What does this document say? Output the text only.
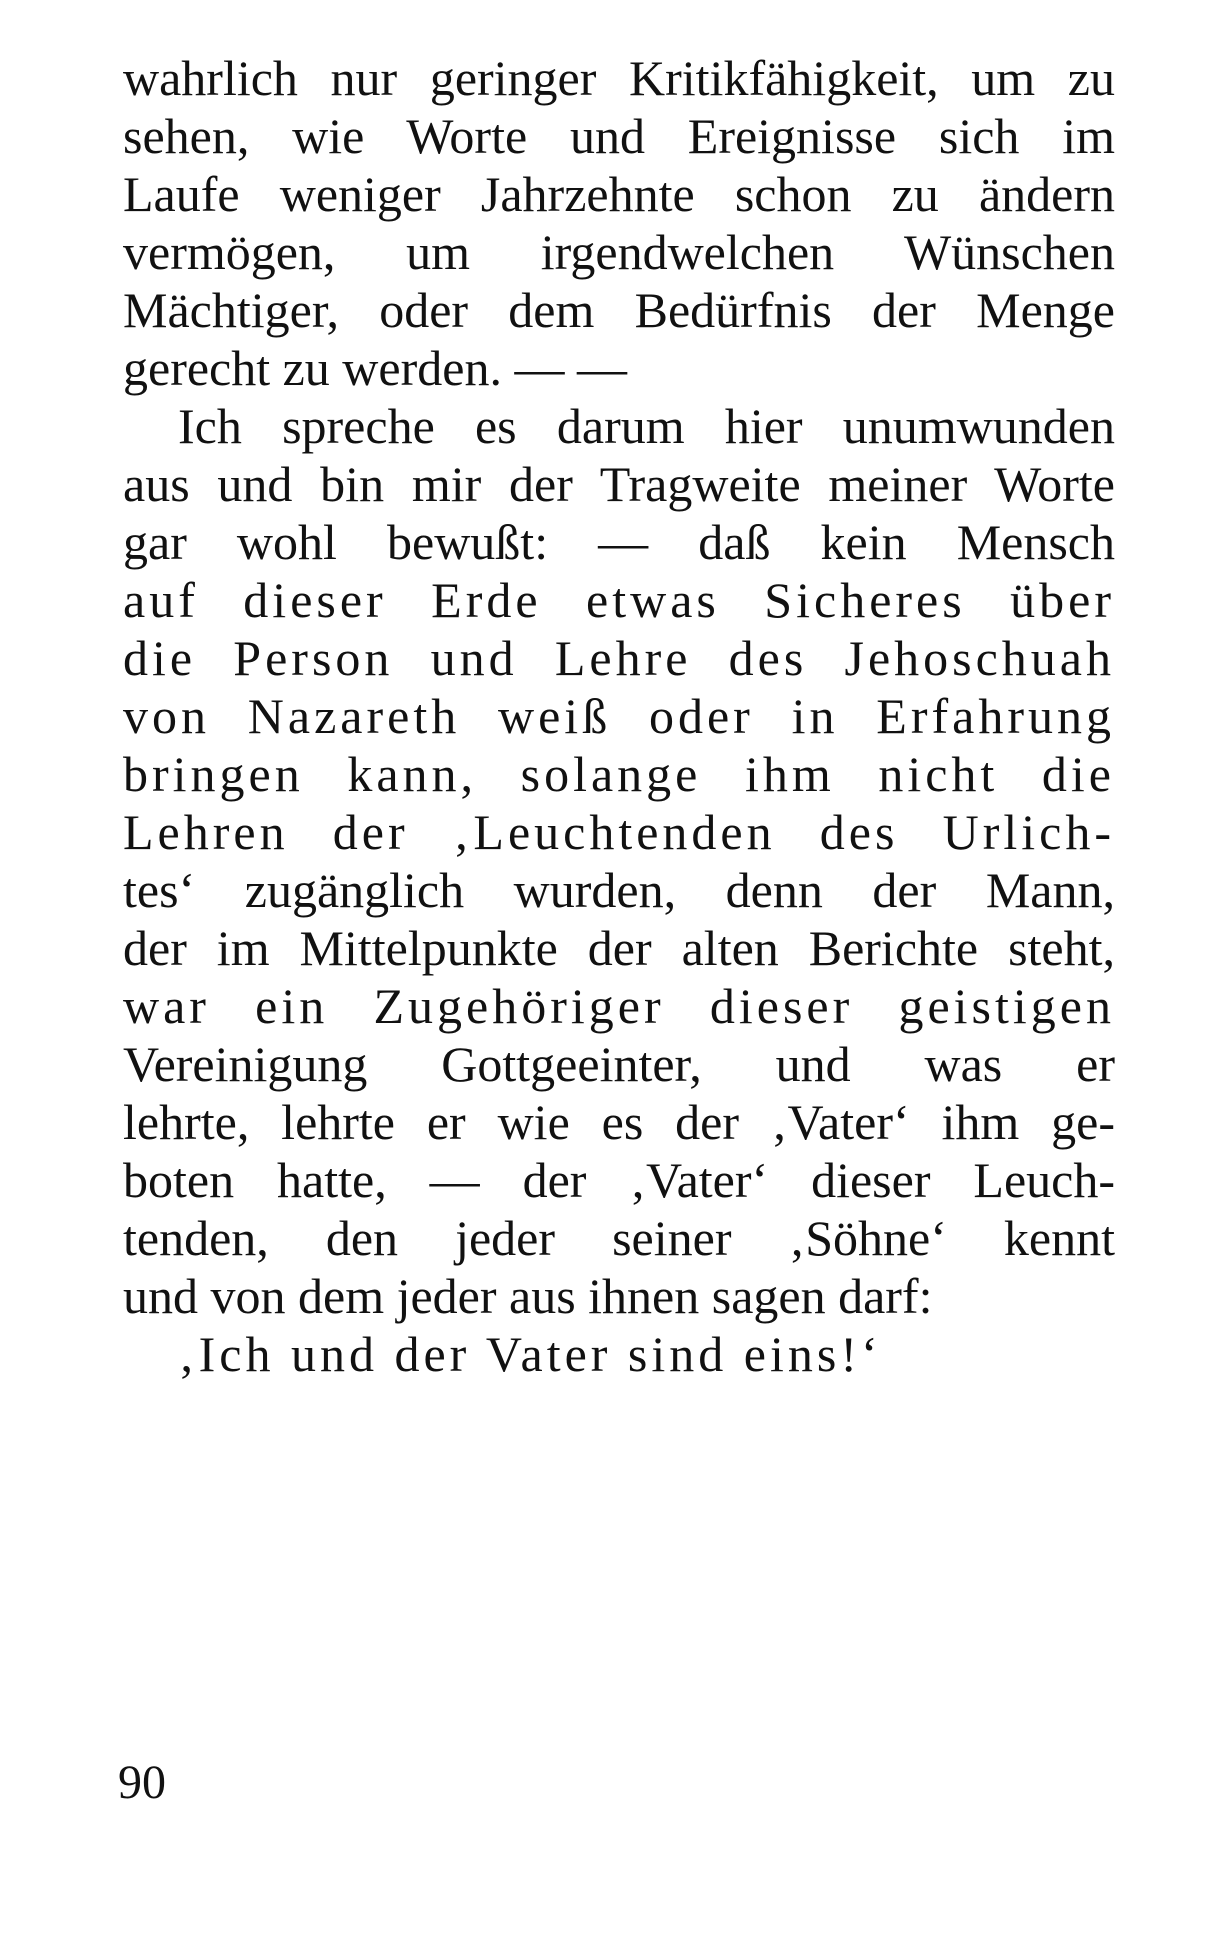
wahrlich nur geringer Kritikfähigkeit, um zu
sehen, wie Worte und Ereignisse sich im
Laufe weniger Jahrzehnte schon zu ändern
vermögen, um irgendwelchen Wünschen
Mächtiger, oder dem Bedürfnis der Menge
gerecht zu werden. — —
Ich spreche es darum hier unumwunden
aus und bin mir der Tragweite meiner Worte
gar wohl bewußt: — daß kein Mensch
auf dieser Erde etwas Sicheres über
die Person und Lehre des Jehoschuah
von Nazareth weiß oder in Erfahrung
bringen kann, solange ihm nicht die
Lehren der ‚Leuchtenden des Urlich-
tes‘ zugänglich wurden, denn der Mann,
der im Mittelpunkte der alten Berichte steht,
war ein Zugehöriger dieser geistigen
Vereinigung Gottgeeinter, und was er
lehrte, lehrte er wie es der ‚Vater‘ ihm ge-
boten hatte, — der ‚Vater‘ dieser Leuch-
tenden, den jeder seiner ‚Söhne‘ kennt
und von dem jeder aus ihnen sagen darf:
‚Ich und der Vater sind eins!‘
90
